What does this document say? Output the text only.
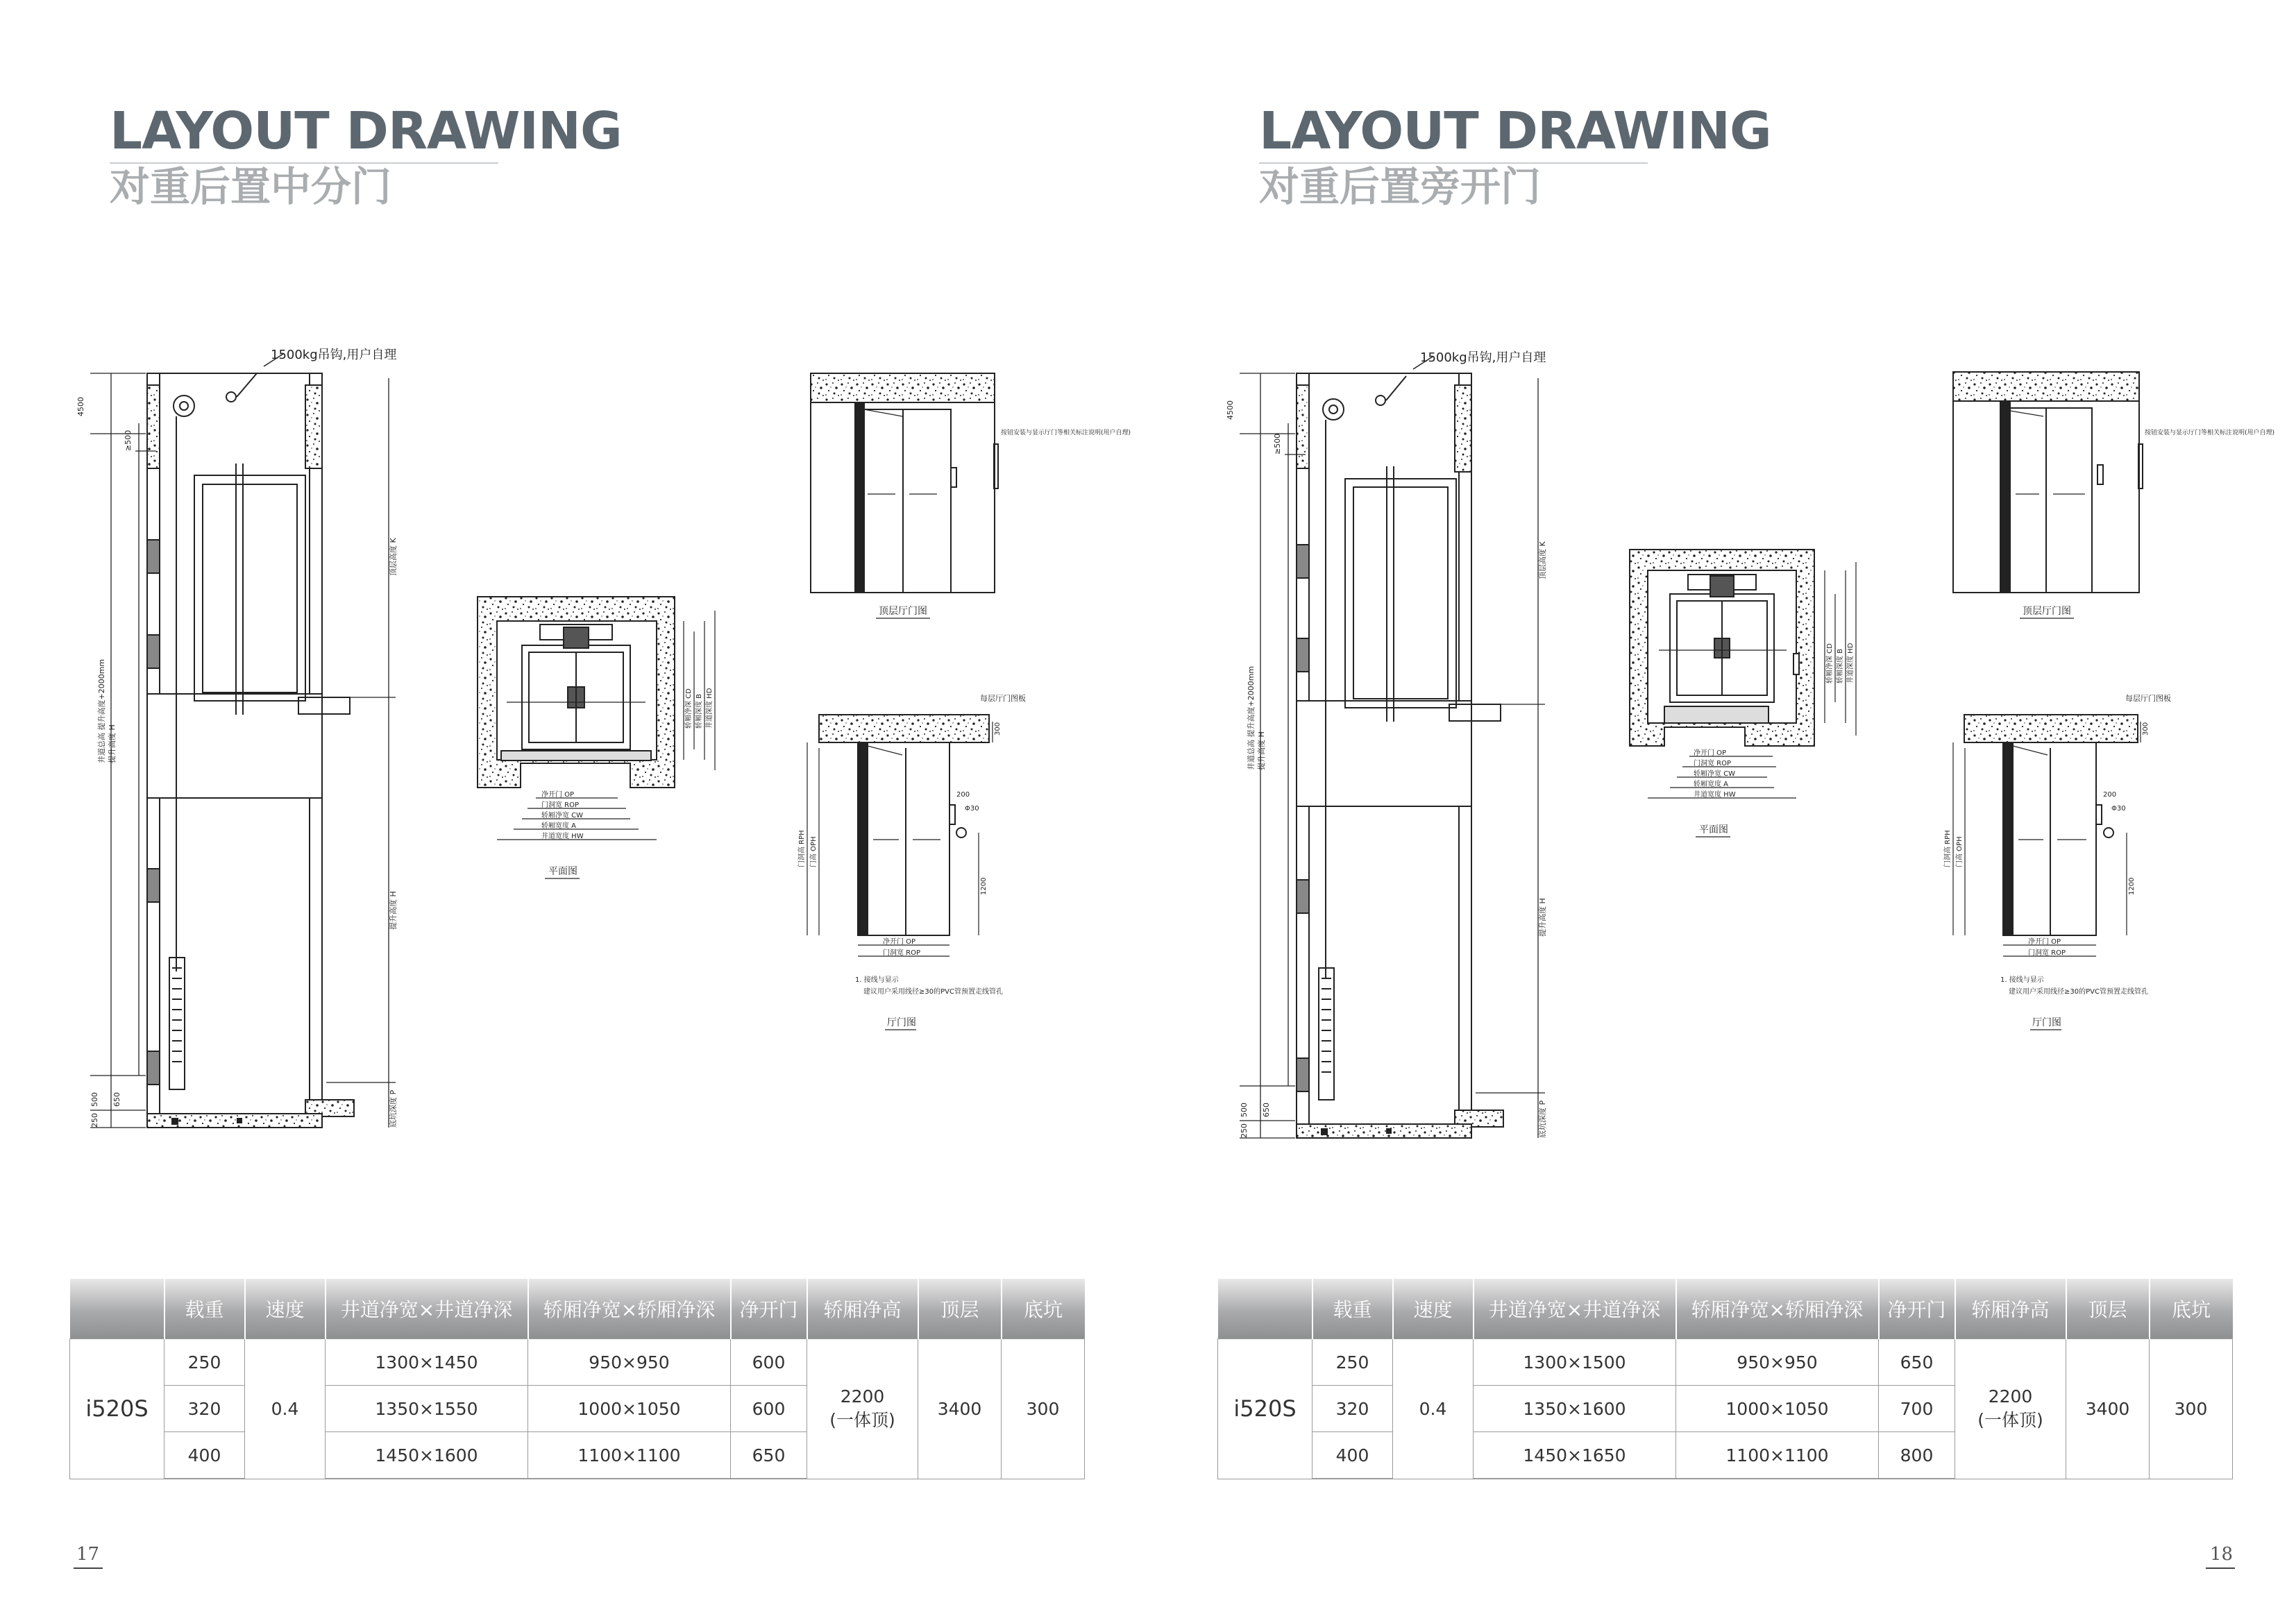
LAYOUT DRAWING
对重后置中分门
1500kg吊钩,用户自理
4500
≥500
井道总高 提升高度+2000mm 提升高度 H
顶层高度 K
提升高度 H
底坑深度 P
500 650
250
净开门 OP
门洞宽 ROP
轿厢净宽 CW
轿厢宽度 A
井道宽度 HW
轿厢净深 CD 轿厢深度 B 井道深度 HD
平面图
按钮安装与显示厅门等相关标注说明(用户自理)
顶层厅门图
每层厅门图板
300
200
Φ30
1200
门洞高 RPH 门高 OPH
净开门 OP
门洞宽 ROP
1. 接线与显示
建议用户采用线径≥30的PVC管预置走线管孔
厅门图
	载重	速度	井道净宽×井道净深	轿厢净宽×轿厢净深	净开门	轿厢净高	顶层	底坑
i520S	250	0.4	1300×1450	950×950	600	2200
(一体顶)	3400	300
	320		1350×1550	1000×1050	600			
	400		1450×1600	1100×1100	650			
17
LAYOUT DRAWING
对重后置旁开门
1500kg吊钩,用户自理
4500
≥500
井道总高 提升高度+2000mm 提升高度 H
顶层高度 K
提升高度 H
底坑深度 P
500 650
250
净开门 OP
门洞宽 ROP
轿厢净宽 CW
轿厢宽度 A
井道宽度 HW
轿厢净深 CD 轿厢深度 B 井道深度 HD
平面图
按钮安装与显示厅门等相关标注说明(用户自理)
顶层厅门图
每层厅门图板
300
200
Φ30
1200
门洞高 RPH 门高 OPH
净开门 OP
门洞宽 ROP
1. 接线与显示
建议用户采用线径≥30的PVC管预置走线管孔
厅门图
	载重	速度	井道净宽×井道净深	轿厢净宽×轿厢净深	净开门	轿厢净高	顶层	底坑
i520S	250	0.4	1300×1500	950×950	650	2200
(一体顶)	3400	300
	320		1350×1600	1000×1050	700			
	400		1450×1650	1100×1100	800			
18
